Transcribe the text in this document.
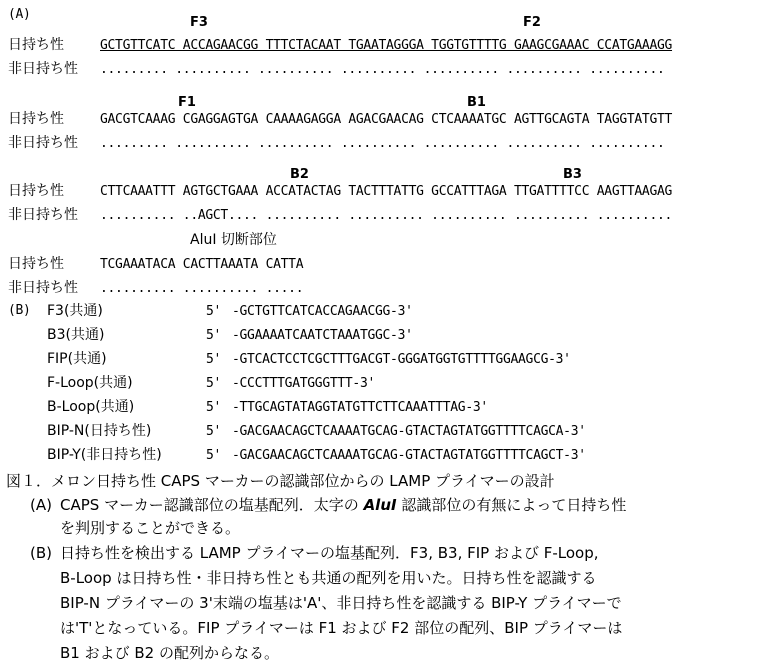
(A)
F3	F2
日持ち性	GCTGTTCATC ACCAGAACGG TTTCTACAAT TGAATAGGGA TGGTGTTTTG GAAGCGAAAC CCATGAAAGG
非日持ち性 ......... .......... .......... .......... .......... .......... ..........
F1	B1
日持ち性	GACGTCAAAG CGAGGAGTGA CAAAAGAGGA AGACGAACAG CTCAAAATGC AGTTGCAGTA TAGGTATGTT
非日持ち性 ......... .......... .......... .......... .......... .......... ..........
B2	B3
日持ち性	CTTCAAATTT AGTGCTGAAA ACCATACTAG TACTTTATTG GCCATTTAGA TTGATTTTCC AAGTTAAGAG
非日持ち性 .......... ..AGCT.... .......... .......... .......... .......... ..........
AluI 切断部位
日持ち性	TCGAAATACA CACTTAAATA CATTA
非日持ち性 .......... .......... .....
(B) F3(共通)	5' -GCTGTTCATCACCAGAACGG-3'
B3(共通)	5' -GGAAAATCAATCTAAATGGC-3'
FIP(共通)	5' -GTCACTCCTCGCTTTGACGT-GGGATGGTGTTTTGGAAGCG-3'
F-Loop(共通)	5' -CCCTTTGATGGGTTT-3'
B-Loop(共通)	5' -TTGCAGTATAGGTATGTTCTTCAAATTTAG-3'
BIP-N(日持ち性)	5' -GACGAACAGCTCAAAATGCAG-GTACTAGTATGGTTTTCAGCA-3'
BIP-Y(非日持ち性)	5' -GACGAACAGCTCAAAATGCAG-GTACTAGTATGGTTTTCAGCT-3'
図１．メロン日持ち性 CAPS マーカーの認識部位からの LAMP プライマーの設計
(A) CAPS マーカー認識部位の塩基配列．太字の AluI 認識部位の有無によって日持ち性
を判別することができる。
(B) 日持ち性を検出する LAMP プライマーの塩基配列．F3, B3, FIP および F-Loop,
B-Loop は日持ち性・非日持ち性とも共通の配列を用いた。日持ち性を認識する
BIP-N プライマーの 3'末端の塩基は'A'、非日持ち性を認識する BIP-Y プライマーで
は'T'となっている。FIP プライマーは F1 および F2 部位の配列、BIP プライマーは
B1 および B2 の配列からなる。
